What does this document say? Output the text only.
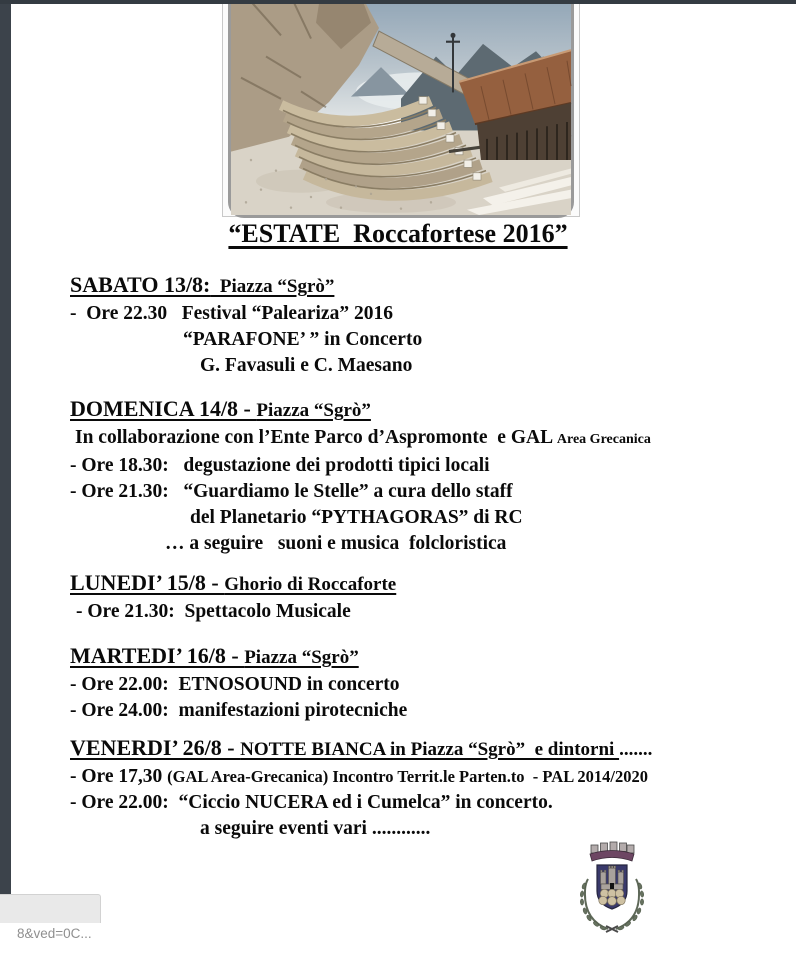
“ESTATE  Roccafortese 2016”
SABATO 13/8:  Piazza “Sgrò”
-  Ore 22.30   Festival “Paleariza” 2016
“PARAFONE’ ” in Concerto
G. Favasuli e C. Maesano
DOMENICA 14/8 - Piazza “Sgrò”
In collaborazione con l’Ente Parco d’Aspromonte  e GAL Area Grecanica
- Ore 18.30:   degustazione dei prodotti tipici locali
- Ore 21.30:   “Guardiamo le Stelle” a cura dello staff
del Planetario “PYTHAGORAS” di RC
… a seguire   suoni e musica  folcloristica
LUNEDI’ 15/8 - Ghorio di Roccaforte
- Ore 21.30:  Spettacolo Musicale
MARTEDI’ 16/8 - Piazza “Sgrò”
- Ore 22.00:  ETNOSOUND in concerto
- Ore 24.00:  manifestazioni pirotecniche
VENERDI’ 26/8 - NOTTE BIANCA in Piazza “Sgrò”  e dintorni .......
- Ore 17,30 (GAL Area-Grecanica) Incontro Territ.le Parten.to  - PAL 2014/2020
- Ore 22.00:  “Ciccio NUCERA ed i Cumelca” in concerto.
a seguire eventi vari ............

8&ved=0C...
